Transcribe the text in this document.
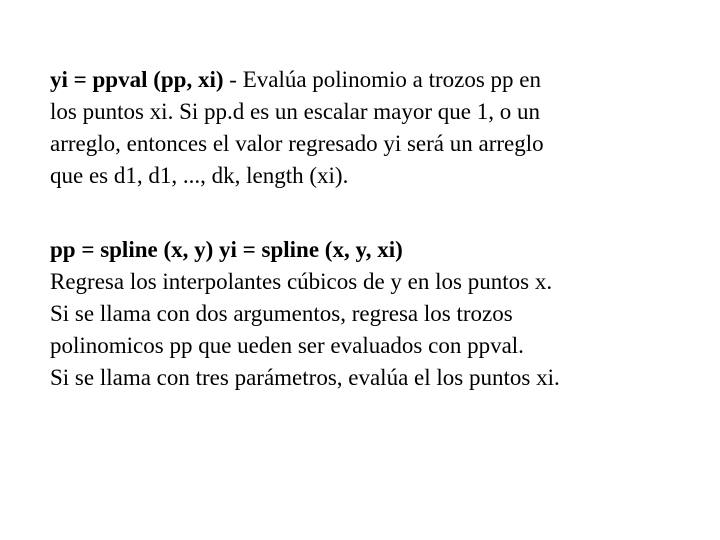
yi = ppval (pp, xi) - Evalúa polinomio a trozos pp en
los puntos xi. Si pp.d es un escalar mayor que 1, o un
arreglo, entonces el valor regresado yi será un arreglo
que es d1, d1, ..., dk, length (xi).
pp = spline (x, y) yi = spline (x, y, xi)
Regresa los interpolantes cúbicos de y en los puntos x.
Si se llama con dos argumentos, regresa los trozos
polinomicos pp que ueden ser evaluados con ppval.
Si se llama con tres parámetros, evalúa el los puntos xi.
